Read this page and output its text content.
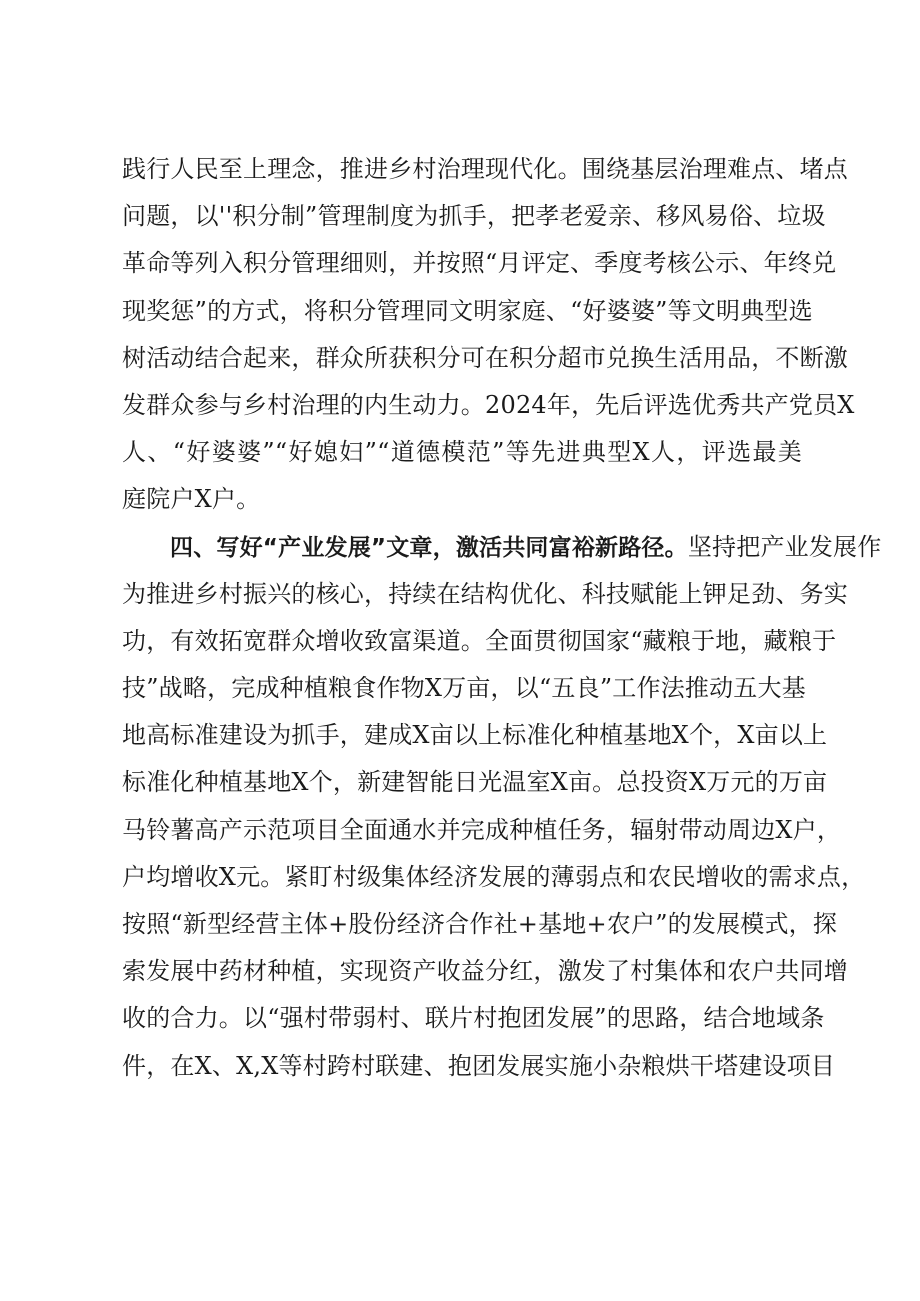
践行人民至上理念，推进乡村治理现代化。围绕基层治理难点、堵点
问题，以''积分制”管理制度为抓手，把孝老爱亲、移风易俗、垃圾
革命等列入积分管理细则，并按照“月评定、季度考核公示、年终兑
现奖惩”的方式，将积分管理同文明家庭、“好婆婆”等文明典型选
树活动结合起来，群众所获积分可在积分超市兑换生活用品，不断激
发群众参与乡村治理的内生动力。2024年，先后评选优秀共产党员X
人、“好婆婆”“好媳妇”“道德模范”等先进典型X人，评选最美
庭院户X户。
四、写好“产业发展”文章，激活共同富裕新路径。坚持把产业发展作
为推进乡村振兴的核心，持续在结构优化、科技赋能上钾足劲、务实
功，有效拓宽群众增收致富渠道。全面贯彻国家“藏粮于地，藏粮于
技”战略，完成种植粮食作物X万亩，以“五良”工作法推动五大基
地高标准建设为抓手，建成X亩以上标准化种植基地X个，X亩以上
标准化种植基地X个，新建智能日光温室X亩。总投资X万元的万亩
马铃薯高产示范项目全面通水并完成种植任务，辐射带动周边X户，
户均增收X元。紧盯村级集体经济发展的薄弱点和农民增收的需求点，
按照“新型经营主体+股份经济合作社+基地+农户”的发展模式，探
索发展中药材种植，实现资产收益分红，激发了村集体和农户共同增
收的合力。以“强村带弱村、联片村抱团发展”的思路，结合地域条
件，在X、X,X等村跨村联建、抱团发展实施小杂粮烘干塔建设项目
